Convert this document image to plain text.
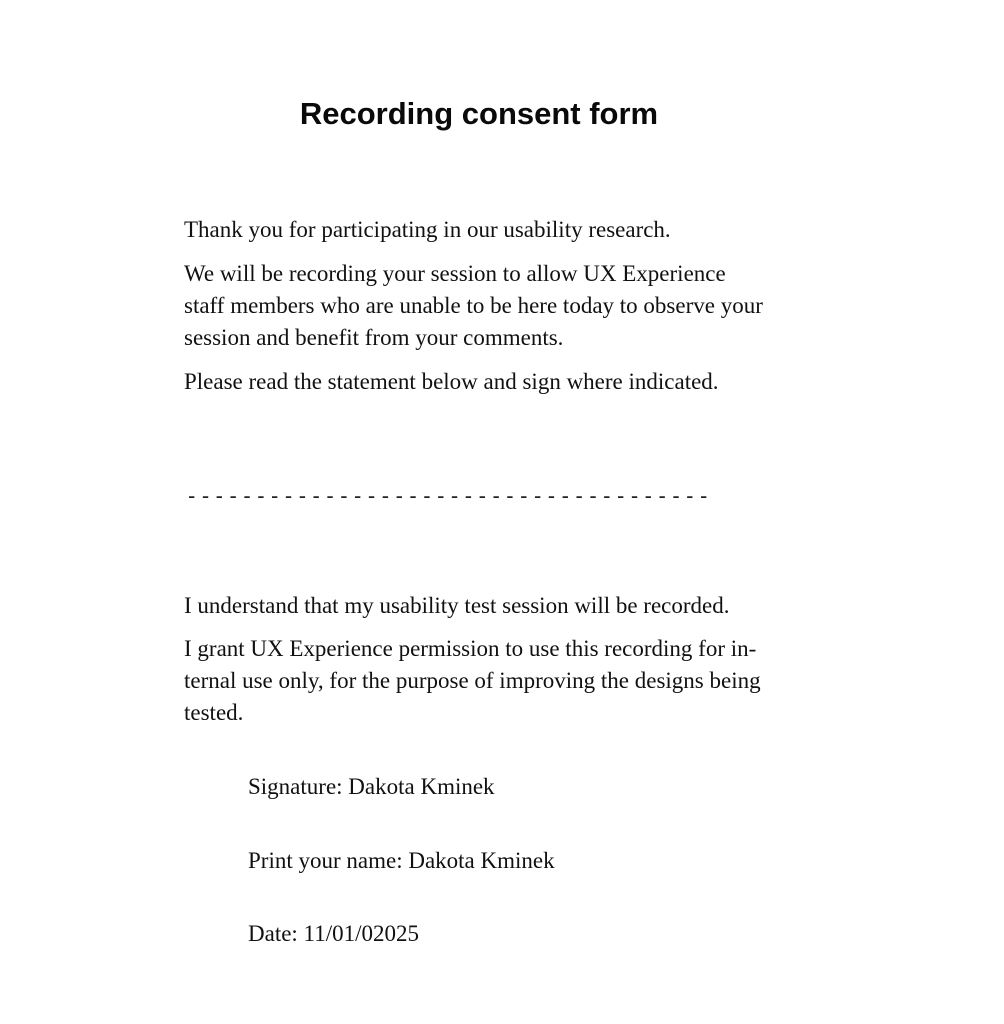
Recording consent form

Thank you for participating in our usability research.

We will be recording your session to allow UX Experience
staff members who are unable to be here today to observe your
session and benefit from your comments.

Please read the statement below and sign where indicated.

- - - - - - - - - - - - - - - - - - - - - - - - - - - - - - - - - - - - - -

I understand that my usability test session will be recorded.

I grant UX Experience permission to use this recording for in-
ternal use only, for the purpose of improving the designs being
tested.

Signature: Dakota Kminek
Print your name: Dakota Kminek
Date: 11/01/02025
